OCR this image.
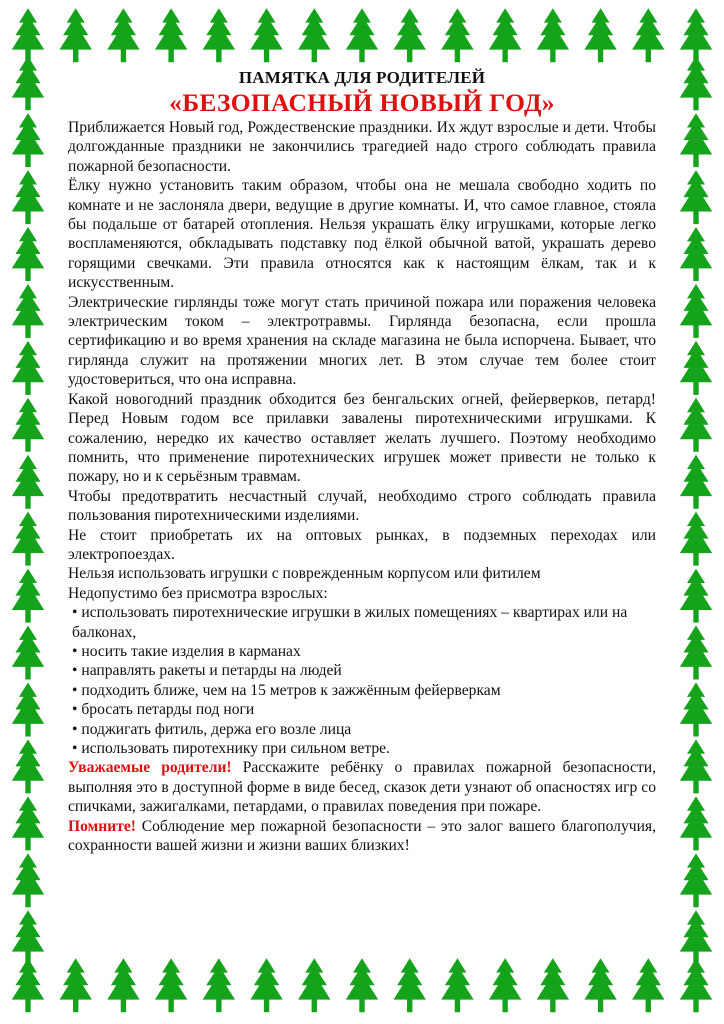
ПАМЯТКА ДЛЯ РОДИТЕЛЕЙ
«БЕЗОПАСНЫЙ НОВЫЙ ГОД»

Приближается Новый год, Рождественские праздники. Их ждут взрослые и дети. Чтобы долгожданные праздники не закончились трагедией надо строго соблюдать правила пожарной безопасности.

Ёлку нужно установить таким образом, чтобы она не мешала свободно ходить по комнате и не заслоняла двери, ведущие в другие комнаты. И, что самое главное, стояла бы подальше от батарей отопления. Нельзя украшать ёлку игрушками, которые легко воспламеняются, обкладывать подставку под ёлкой обычной ватой, украшать дерево горящими свечками. Эти правила относятся как к настоящим ёлкам, так и к искусственным.

Электрические гирлянды тоже могут стать причиной пожара или поражения человека электрическим током – электротравмы. Гирлянда безопасна, если прошла сертификацию и во время хранения на складе магазина не была испорчена. Бывает, что гирлянда служит на протяжении многих лет. В этом случае тем более стоит удостовериться, что она исправна.

Какой новогодний праздник обходится без бенгальских огней, фейерверков, петард! Перед Новым годом все прилавки завалены пиротехническими игрушками. К сожалению, нередко их качество оставляет желать лучшего. Поэтому необходимо помнить, что применение пиротехнических игрушек может привести не только к пожару, но и к серьёзным травмам.

Чтобы предотвратить несчастный случай, необходимо строго соблюдать правила пользования пиротехническими изделиями.

Не стоит приобретать их на оптовых рынках, в подземных переходах или электропоездах.

Нельзя использовать игрушки с поврежденным корпусом или фитилем

Недопустимо без присмотра взрослых:

• использовать пиротехнические игрушки в жилых помещениях – квартирах или на балконах,

• носить такие изделия в карманах

• направлять ракеты и петарды на людей

• подходить ближе, чем на 15 метров к зажжённым фейерверкам

• бросать петарды под ноги

• поджигать фитиль, держа его возле лица

• использовать пиротехнику при сильном ветре.

Уважаемые родители! Расскажите ребёнку о правилах пожарной безопасности, выполняя это в доступной форме в виде бесед, сказок дети узнают об опасностях игр со спичками, зажигалками, петардами, о правилах поведения при пожаре.

Помните! Соблюдение мер пожарной безопасности – это залог вашего благополучия, сохранности вашей жизни и жизни ваших близких!
